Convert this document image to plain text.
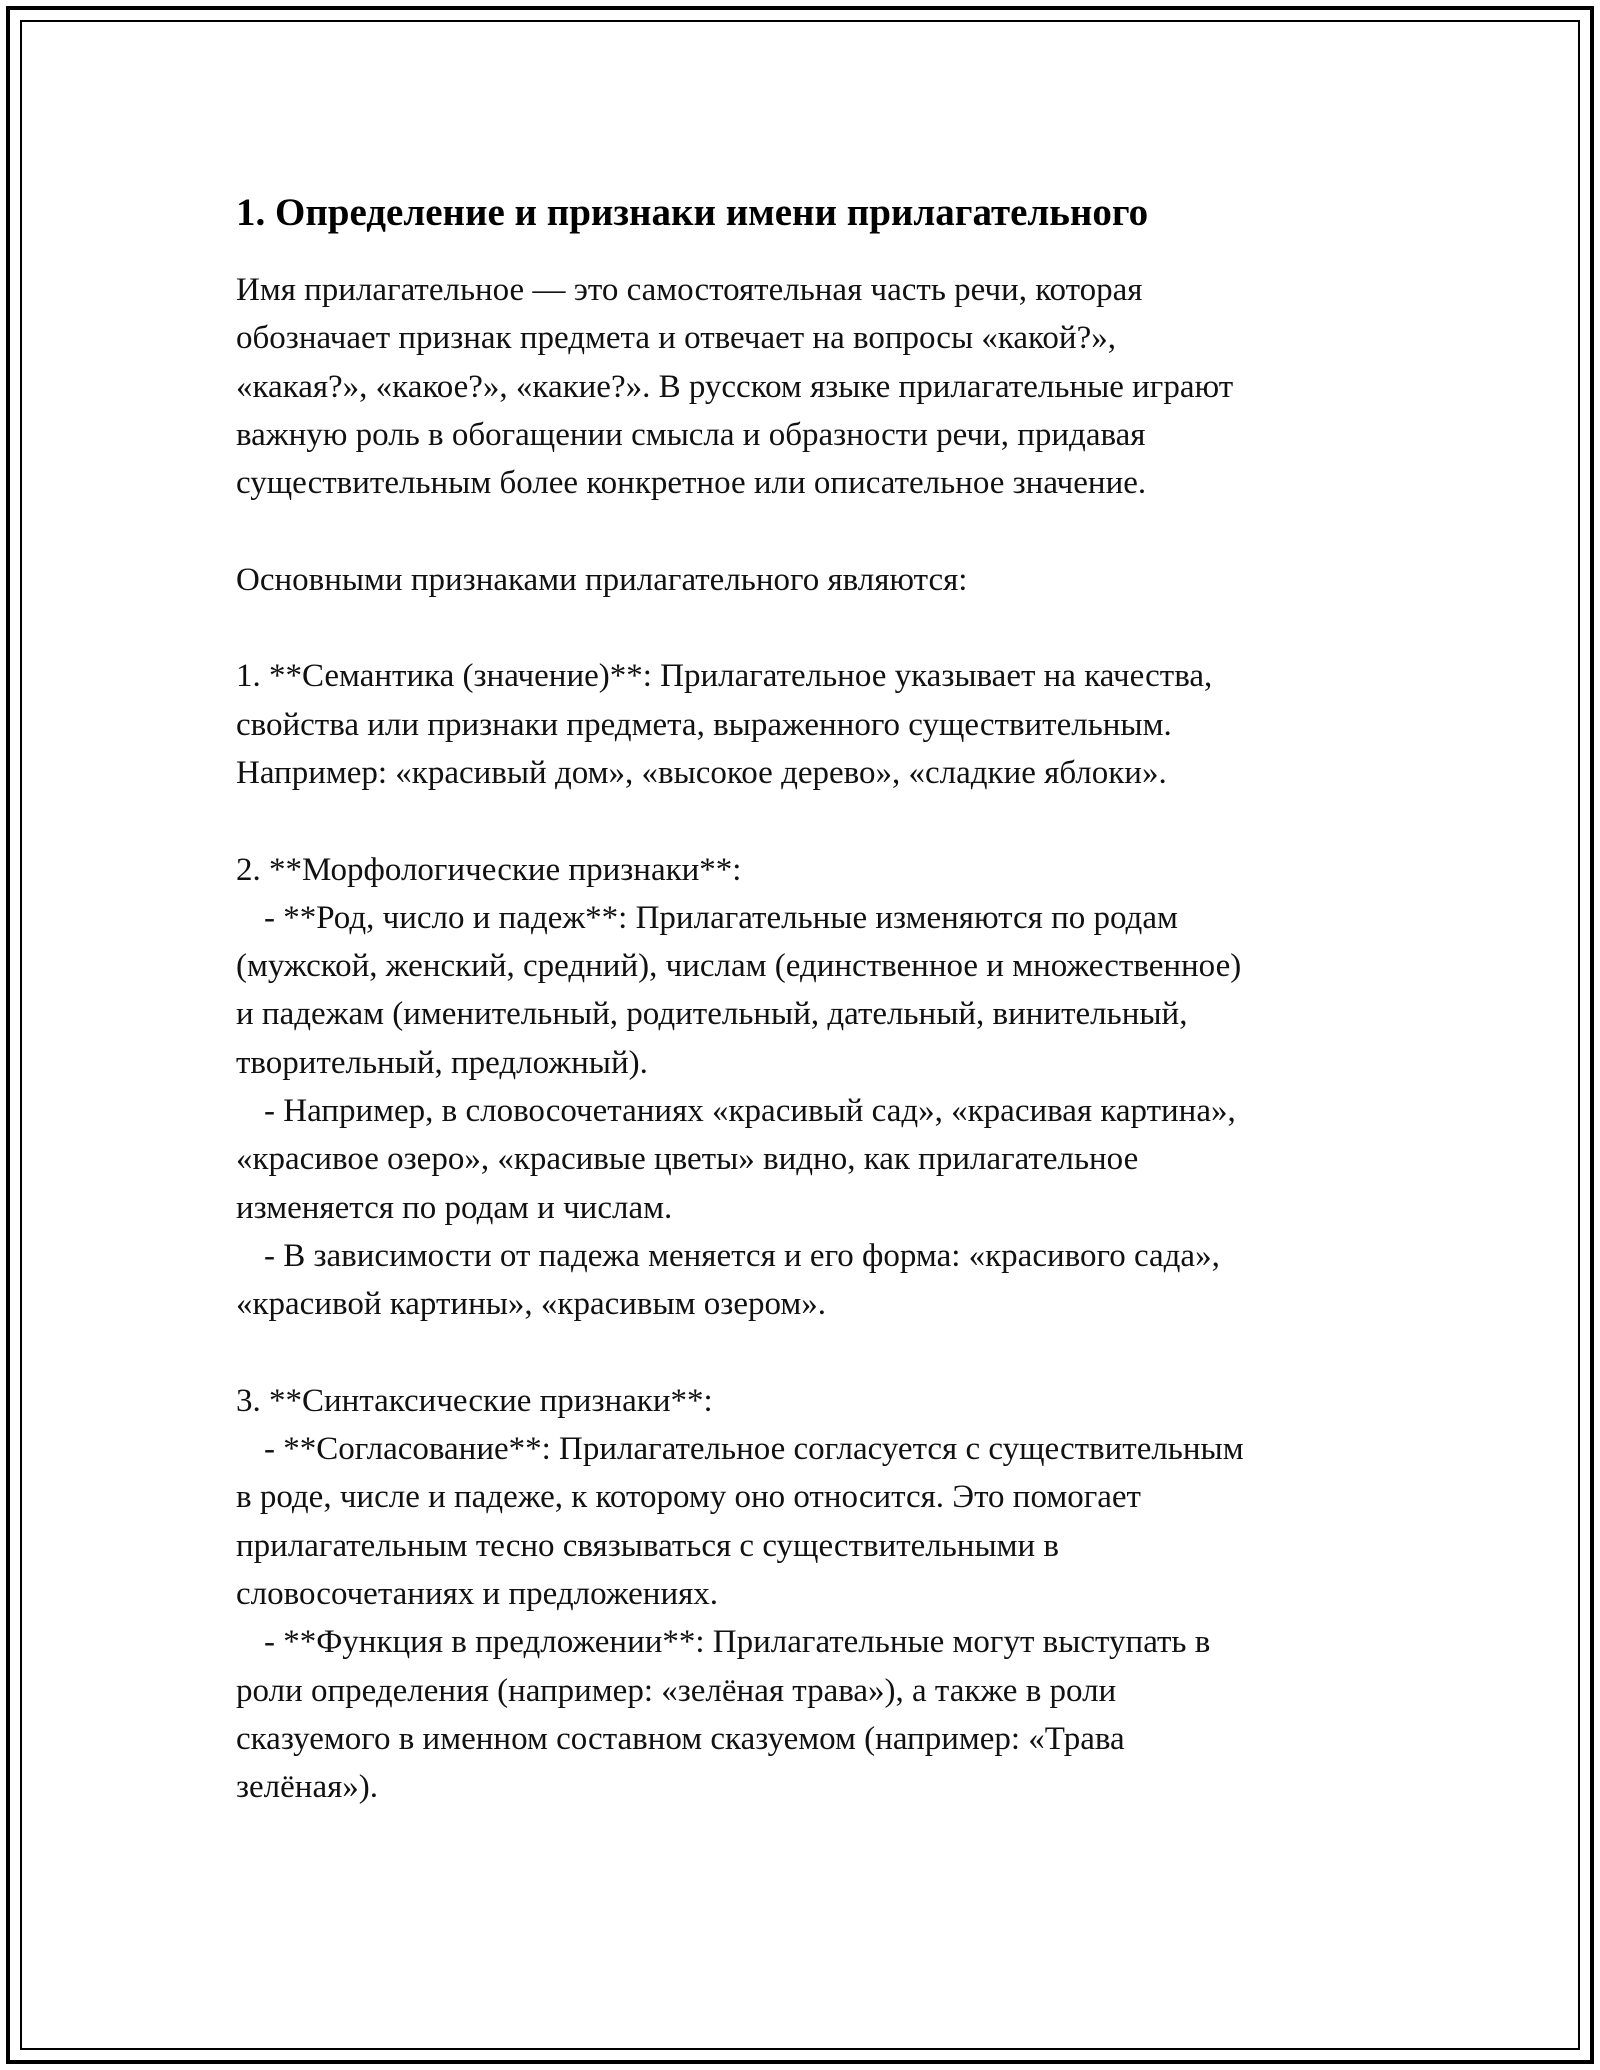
1. Определение и признаки имени прилагательного

Имя прилагательное — это самостоятельная часть речи, которая

обозначает признак предмета и отвечает на вопросы «какой?»,

«какая?», «какое?», «какие?». В русском языке прилагательные играют

важную роль в обогащении смысла и образности речи, придавая

существительным более конкретное или описательное значение.

Основными признаками прилагательного являются:

1. **Семантика (значение)**: Прилагательное указывает на качества,

свойства или признаки предмета, выраженного существительным.

Например: «красивый дом», «высокое дерево», «сладкие яблоки».

2. **Морфологические признаки**:

- **Род, число и падеж**: Прилагательные изменяются по родам

(мужской, женский, средний), числам (единственное и множественное)

и падежам (именительный, родительный, дательный, винительный,

творительный, предложный).

- Например, в словосочетаниях «красивый сад», «красивая картина»,

«красивое озеро», «красивые цветы» видно, как прилагательное

изменяется по родам и числам.

- В зависимости от падежа меняется и его форма: «красивого сада»,

«красивой картины», «красивым озером».

3. **Синтаксические признаки**:

- **Согласование**: Прилагательное согласуется с существительным

в роде, числе и падеже, к которому оно относится. Это помогает

прилагательным тесно связываться с существительными в

словосочетаниях и предложениях.

- **Функция в предложении**: Прилагательные могут выступать в

роли определения (например: «зелёная трава»), а также в роли

сказуемого в именном составном сказуемом (например: «Трава

зелёная»).
